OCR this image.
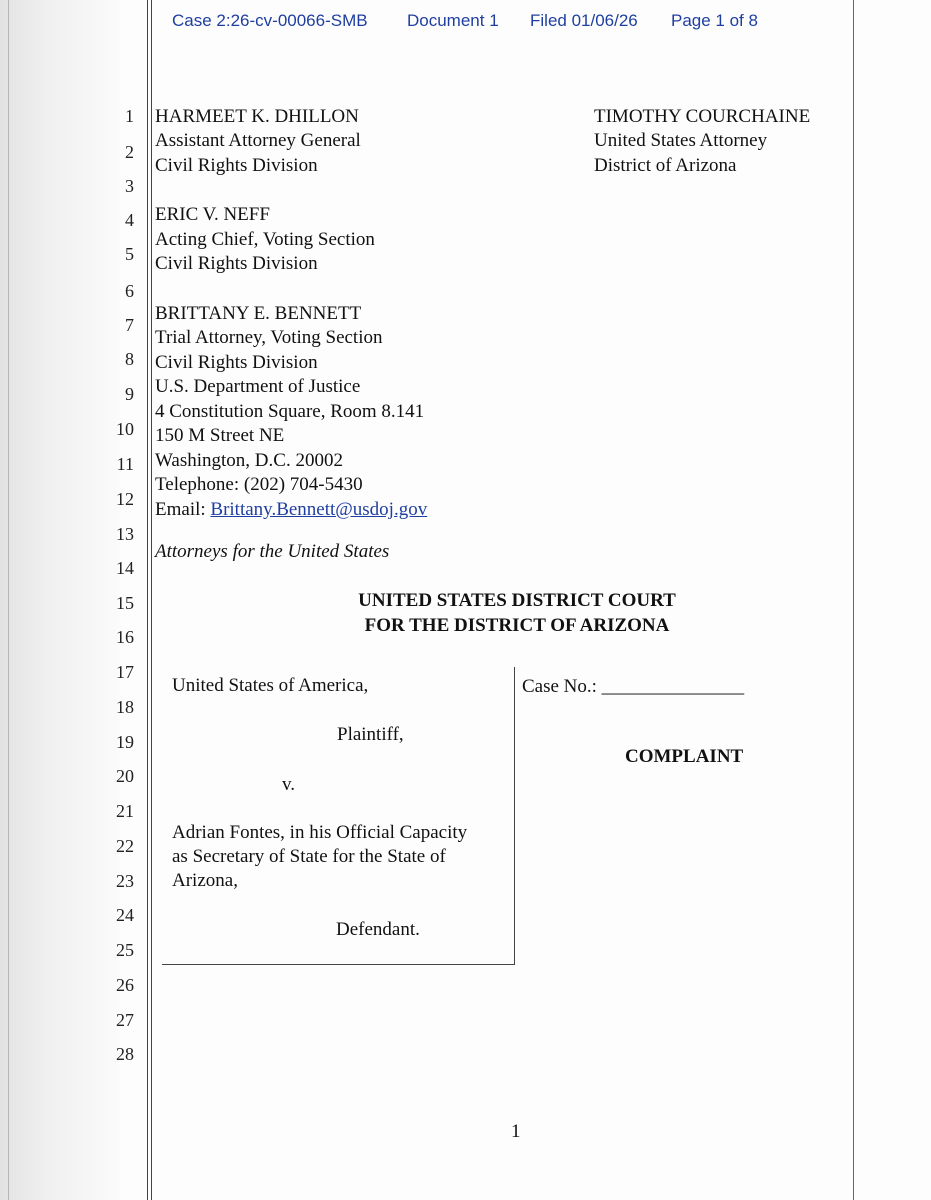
Case 2:26-cv-00066-SMB Document 1 Filed 01/06/26 Page 1 of 8
1
2
3
4
5
6
7
8
9
10
11
12
13
14
15
16
17
18
19
20
21
22
23
24
25
26
27
28
HARMEET K. DHILLON
Assistant Attorney General
Civil Rights Division
ERIC V. NEFF
Acting Chief, Voting Section
Civil Rights Division
BRITTANY E. BENNETT
Trial Attorney, Voting Section
Civil Rights Division
U.S. Department of Justice
4 Constitution Square, Room 8.141
150 M Street NE
Washington, D.C. 20002
Telephone: (202) 704-5430
Email: Brittany.Bennett@usdoj.gov
Attorneys for the United States
TIMOTHY COURCHAINE
United States Attorney
District of Arizona
UNITED STATES DISTRICT COURT
FOR THE DISTRICT OF ARIZONA
United States of America,
Plaintiff,
v.
Adrian Fontes, in his Official Capacity
as Secretary of State for the State of
Arizona,
Defendant.
Case No.: _______________
COMPLAINT
1
